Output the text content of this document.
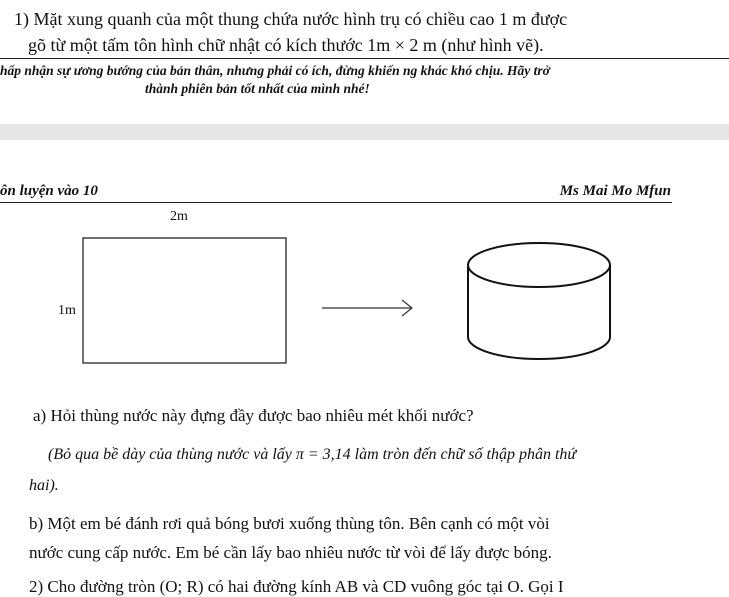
1) Mặt xung quanh của một thung chứa nước hình trụ có chiều cao 1 m được
gõ từ một tấm tôn hình chữ nhật có kích thước 1m × 2 m (như hình vẽ).
hấp nhận sự ương bướng của bản thân, nhưng phải có ích, đừng khiến ng khác khó chịu. Hãy trở
thành phiên bản tốt nhất của mình nhé!
ôn luyện vào 10	Ms Mai Mo Mfun
2m
1m
a) Hỏi thùng nước này đựng đầy được bao nhiêu mét khối nước?
(Bỏ qua bề dày của thùng nước và lấy π = 3,14 làm tròn đến chữ số thập phân thứ
hai).
b) Một em bé đánh rơi quả bóng bươi xuống thùng tôn. Bên cạnh có một vòi
nước cung cấp nước. Em bé cần lấy bao nhiêu nước từ vòi để lấy được bóng.
2) Cho đường tròn (O; R) có hai đường kính AB và CD vuông góc tại O. Gọi I
